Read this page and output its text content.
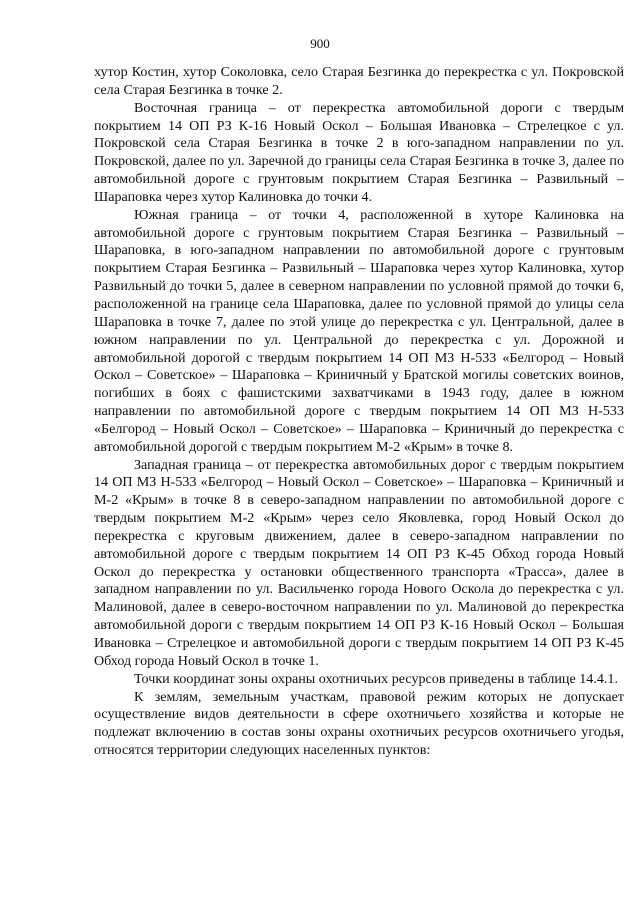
900

хутор Костин, хутор Соколовка, село Старая Безгинка до перекрестка с ул. Покровской села Старая Безгинка в точке 2.

Восточная граница – от перекрестка автомобильной дороги с твердым покрытием 14 ОП РЗ К-16 Новый Оскол – Большая Ивановка – Стрелецкое с ул. Покровской села Старая Безгинка в точке 2 в юго-западном направлении по ул. Покровской, далее по ул. Заречной до границы села Старая Безгинка в точке 3, далее по автомобильной дороге с грунтовым покрытием Старая Безгинка – Развильный – Шараповка через хутор Калиновка до точки 4.

Южная граница – от точки 4, расположенной в хуторе Калиновка на автомобильной дороге с грунтовым покрытием Старая Безгинка – Развильный – Шараповка, в юго-западном направлении по автомобильной дороге с грунтовым покрытием Старая Безгинка – Развильный – Шараповка через хутор Калиновка, хутор Развильный до точки 5, далее в северном направлении по условной прямой до точки 6, расположенной на границе села Шараповка, далее по условной прямой до улицы села Шараповка в точке 7, далее по этой улице до перекрестка с ул. Центральной, далее в южном направлении по ул. Центральной до перекрестка с ул. Дорожной и автомобильной дорогой с твердым покрытием 14 ОП МЗ Н-533 «Белгород – Новый Оскол – Советское» – Шараповка – Криничный у Братской могилы советских воинов, погибших в боях с фашистскими захватчиками в 1943 году, далее в южном направлении по автомобильной дороге с твердым покрытием 14 ОП МЗ Н-533 «Белгород – Новый Оскол – Советское» – Шараповка – Криничный до перекрестка с автомобильной дорогой с твердым покрытием М-2 «Крым» в точке 8.

Западная граница – от перекрестка автомобильных дорог с твердым покрытием 14 ОП МЗ Н-533 «Белгород – Новый Оскол – Советское» – Шараповка – Криничный и М-2 «Крым» в точке 8 в северо-западном направлении по автомобильной дороге с твердым покрытием М-2 «Крым» через село Яковлевка, город Новый Оскол до перекрестка с круговым движением, далее в северо-западном направлении по автомобильной дороге с твердым покрытием 14 ОП РЗ К-45 Обход города Новый Оскол до перекрестка у остановки общественного транспорта «Трасса», далее в западном направлении по ул. Васильченко города Нового Оскола до перекрестка с ул. Малиновой, далее в северо-восточном направлении по ул. Малиновой до перекрестка автомобильной дороги с твердым покрытием 14 ОП РЗ К-16 Новый Оскол – Большая Ивановка – Стрелецкое и автомобильной дороги с твердым покрытием 14 ОП РЗ К-45 Обход города Новый Оскол в точке 1.

Точки координат зоны охраны охотничьих ресурсов приведены в таблице 14.4.1.

К землям, земельным участкам, правовой режим которых не допускает осуществление видов деятельности в сфере охотничьего хозяйства и которые не подлежат включению в состав зоны охраны охотничьих ресурсов охотничьего угодья, относятся территории следующих населенных пунктов:
